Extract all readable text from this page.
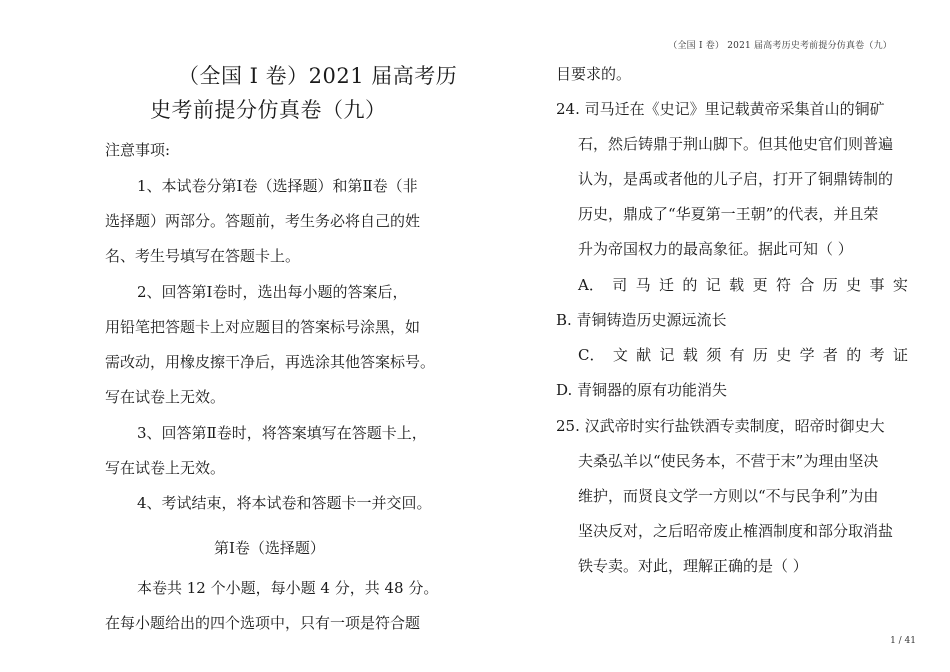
（全国 Ⅰ 卷） 2021 届高考历史考前提分仿真卷（九）
（全国 Ⅰ 卷）2021 届高考历
史考前提分仿真卷（九）
注意事项:
1、本试卷分第Ⅰ卷（选择题）和第Ⅱ卷（非
选择题）两部分。答题前，考生务必将自己的姓
名、考生号填写在答题卡上。
2、回答第Ⅰ卷时，选出每小题的答案后，
用铅笔把答题卡上对应题目的答案标号涂黑，如
需改动，用橡皮擦干净后，再选涂其他答案标号。
写在试卷上无效。
3、回答第Ⅱ卷时，将答案填写在答题卡上，
写在试卷上无效。
4、考试结束，将本试卷和答题卡一并交回。
第Ⅰ卷（选择题）
本卷共 12 个小题，每小题 4 分，共 48 分。
在每小题给出的四个选项中，只有一项是符合题
目要求的。
24. 司马迁在《史记》里记载黄帝采集首山的铜矿
石，然后铸鼎于荆山脚下。但其他史官们则普遍
认为，是禹或者他的儿子启，打开了铜鼎铸制的
历史，鼎成了“华夏第一王朝”的代表，并且荣
升为帝国权力的最高象征。据此可知（ ）
A． 司 马 迁 的 记 载 更 符 合 历 史 事 实
B. 青铜铸造历史源远流长
C． 文 献 记 载 须 有 历 史 学 者 的 考 证
D. 青铜器的原有功能消失
25. 汉武帝时实行盐铁酒专卖制度，昭帝时御史大
夫桑弘羊以“使民务本，不营于末”为理由坚决
维护，而贤良文学一方则以“不与民争利”为由
坚决反对，之后昭帝废止榷酒制度和部分取消盐
铁专卖。对此，理解正确的是（ ）
1 / 41
